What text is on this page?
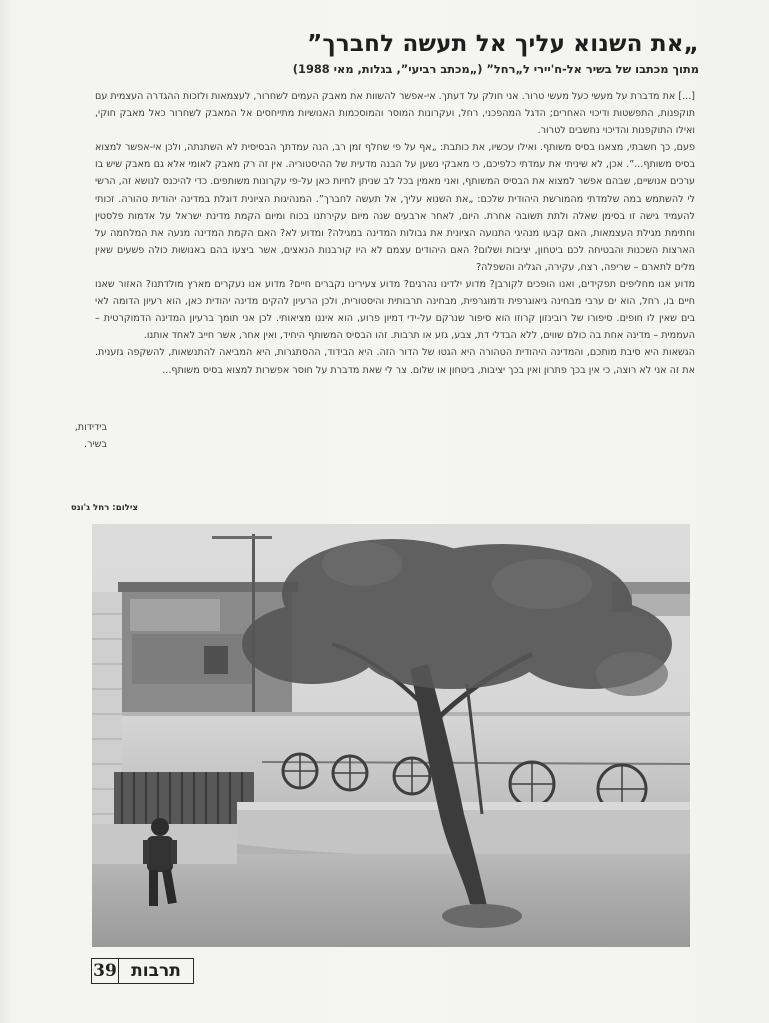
„את השנוא עליך אל תעשה לחברך”
מתוך מכתבו של בשיר אל-ח'יירי ל„רחל” („מכתב רביעי”, בגלות, מאי 1988)

[...] את מדברת על מעשי כעל מעשי טרור. אני חולק על דעתך. אי-אפשר להשוות את מאבק העמים לשחרור, לעצמאות ולזכות ההגדרה העצמית עם תוקפנות, התפשטות ודיכוי האחרים; הדגל המהפכני, רחל, ועקרונות המוסר והמוסכמות האנושיות מתייחסים אל המאבק לשחרור כאל מאבק חוקי, ואילו התוקפנות והדיכוי נחשבים לטרור.

פעם, כך חשבתי, מצאנו בסיס משותף. ואילו עכשיו, את כותבת: „אף על פי שחלף זמן רב, הנה עמדתך הבסיסית לא השתנתה, ולכן אי-אפשר למצוא בסיס משותף...”. אכן, לא שיניתי את עמדתי כלפיכם, כי מאבקי נשען על הבנה מדעית של ההיסטוריה. אין זה רק מאבק לאומי אלא גם מאבק שיש בו ערכים אנושיים, שבהם אפשר למצוא את הבסיס המשותף, ואני מאמין בכל לב שניתן לחיות כאן על-פי עקרונות משותפים. כדי להיכנס לנושא זה, הרשי לי להשתמש במה שלמדתי מהמורשת היהודית שלכם: „את השנוא עליך, אל תעשה לחברך”. המנהיגות הציונית דוגלת במדינה יהודית טהורה. זכותי להעמיד גישה זו בסימן שאלה ולתת תשובה אחרת. היום, לאחר ארבעים שנה מיום עקירתנו בכוח ומיום הקמת מדינת ישראל על אדמות פלסטין וחתימת מגילת העצמאות, האם קבעו מנהיגי התנועה הציונית את גבולות המדינה במגילה? ומדוע לא? האם הקמת המדינה מנעה את המלחמה על הארצות השכנות והבטיחה לכם ביטחון, יציבות ושלום? האם היהודים עצמם לא היו קורבנות הנאצים, אשר ביצעו בהם באנושות כולה פשעים שאין מלים לתארם – שריפה, רצח, עקירה, הגליה והשפלה?

מדוע אנו מחליפים תפקידים, ואנו הופכים לקורבן? מדוע ילדינו נהרגים? מדוע צעירינו נקברים חיים? מדוע אנו נעקרים מארץ מולדתנו? האזור שאנו חיים בו, רחל, הוא ים ערבי מבחינה גיאוגרפית ודמוגרפית, מבחינה תרבותית והיסטורית, ולכן הרעיון להקים מדינה יהודית כאן, הוא רעיון הדומה לאי בים שאין לו חופים. סיפורו של רובינזון קרוזו הוא סיפור שנרקם על-ידי דמיון פרוע, הוא איננו מציאותי. לכן אני תומך ברעיון המדינה הדמוקרטית – העממית – מדינה אחת בה כולם שווים, ללא הבדלי דת, צבע, גזע או תרבות. זהו הבסיס המשותף היחיד, ואין אחר, אשר חייב לאחד אותנו.

הגשאות היא סיבת מותכם, והמדינה היהודית הטהורה היא הגטו של הדור הזה. היא הבידוד, ההסתגרות, היא המביאה להתנשאות, להשקפה גזענית. את זה אני לא רוצה, כי אין בכך פתרון ואין בכך יציבות, ביטחון או שלום. צר לי שאת מדברת על חוסר אפשרות למצוא בסיס משותף...

בידידות,
בשיר.
צילום: רחל ג'ונס
39 תרבות
